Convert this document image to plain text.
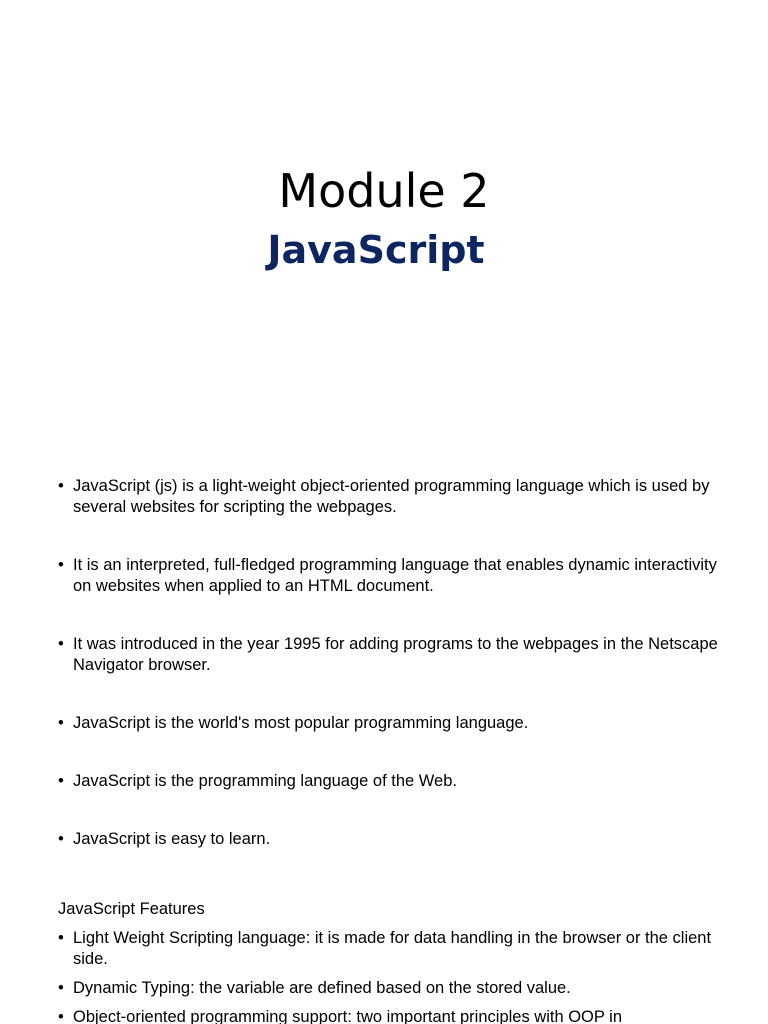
Module 2
JavaScript
• JavaScript (js) is a light-weight object-oriented programming language which is used by several websites for scripting the webpages.
• It is an interpreted, full-fledged programming language that enables dynamic interactivity on websites when applied to an HTML document.
• It was introduced in the year 1995 for adding programs to the webpages in the Netscape Navigator browser.
• JavaScript is the world's most popular programming language.
• JavaScript is the programming language of the Web.
• JavaScript is easy to learn.
JavaScript Features
• Light Weight Scripting language: it is made for data handling in the browser or the client side.
• Dynamic Typing: the variable are defined based on the stored value.
• Object-oriented programming support: two important principles with OOP in
